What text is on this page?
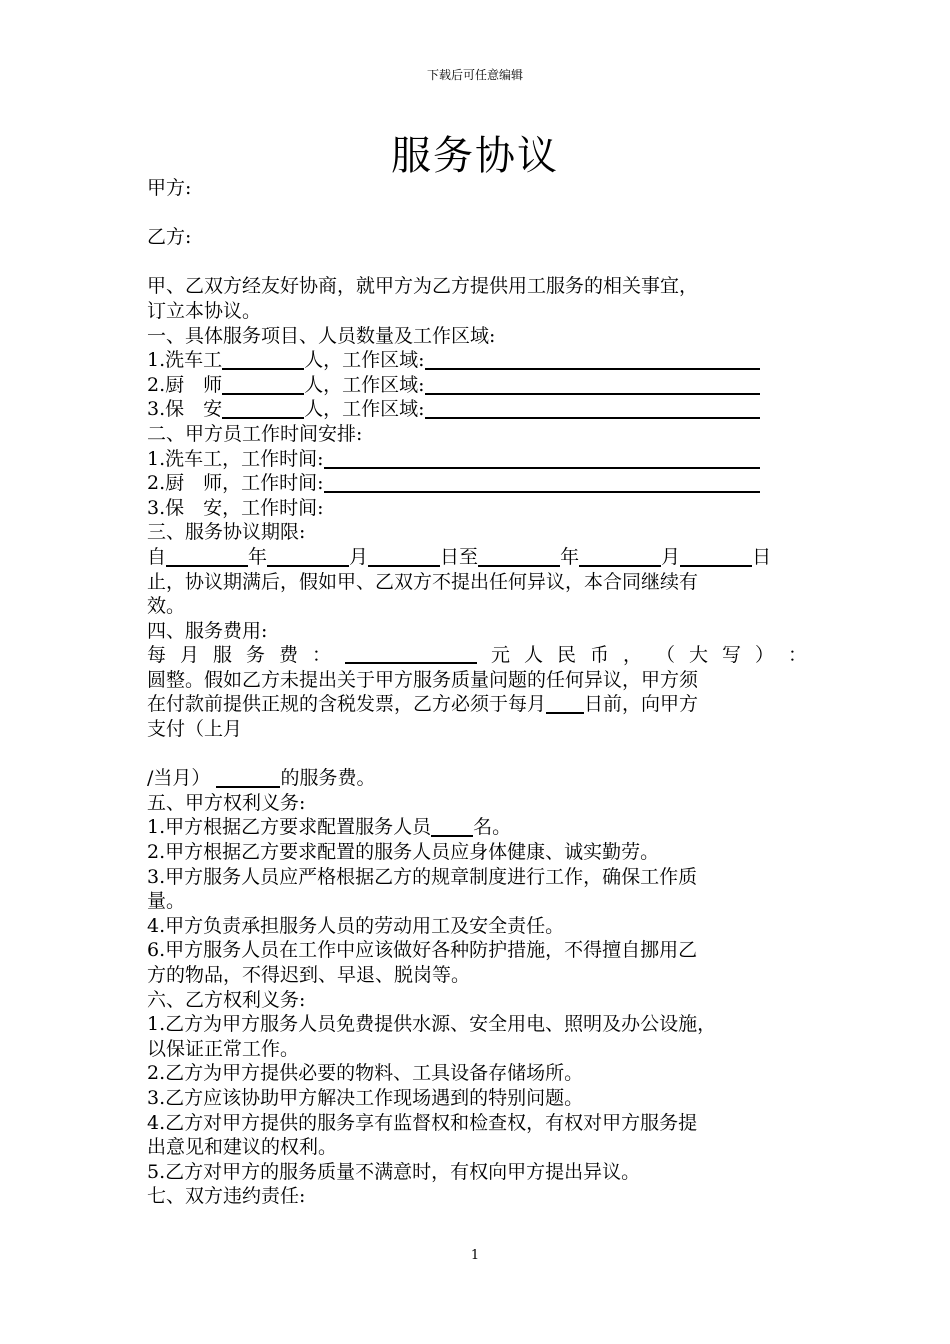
下载后可任意编辑
服务协议
甲方:
乙方:
甲、乙双方经友好协商，就甲方为乙方提供用工服务的相关事宜，
订立本协议。
一、具体服务项目、人员数量及工作区域:
1.洗车工	人，工作区域:
2.厨　师	人，工作区域:
3.保　安	人，工作区域:
二、甲方员工作时间安排:
1.洗车工，工作时间:
2.厨　师，工作时间:
3.保　安，工作时间:
三、服务协议期限:
自	年	月	日至	年	月	日
止，协议期满后，假如甲、乙双方不提出任何异议，本合同继续有
效。
四、服务费用:
每 月 服 务 费 ：	元 人 民 币 ， （ 大 写 ） ：
圆整。假如乙方未提出关于甲方服务质量问题的任何异议，甲方须
在付款前提供正规的含税发票，乙方必须于每月 日前，向甲方
支付（上月
/当月）	的服务费。
五、甲方权利义务:
1.甲方根据乙方要求配置服务人员 名。
2.甲方根据乙方要求配置的服务人员应身体健康、诚实勤劳。
3.甲方服务人员应严格根据乙方的规章制度进行工作，确保工作质
量。
4.甲方负责承担服务人员的劳动用工及安全责任。
6.甲方服务人员在工作中应该做好各种防护措施，不得擅自挪用乙
方的物品，不得迟到、早退、脱岗等。
六、乙方权利义务:
1.乙方为甲方服务人员免费提供水源、安全用电、照明及办公设施，
以保证正常工作。
2.乙方为甲方提供必要的物料、工具设备存储场所。
3.乙方应该协助甲方解决工作现场遇到的特别问题。
4.乙方对甲方提供的服务享有监督权和检查权，有权对甲方服务提
出意见和建议的权利。
5.乙方对甲方的服务质量不满意时，有权向甲方提出异议。
七、双方违约责任:
1
